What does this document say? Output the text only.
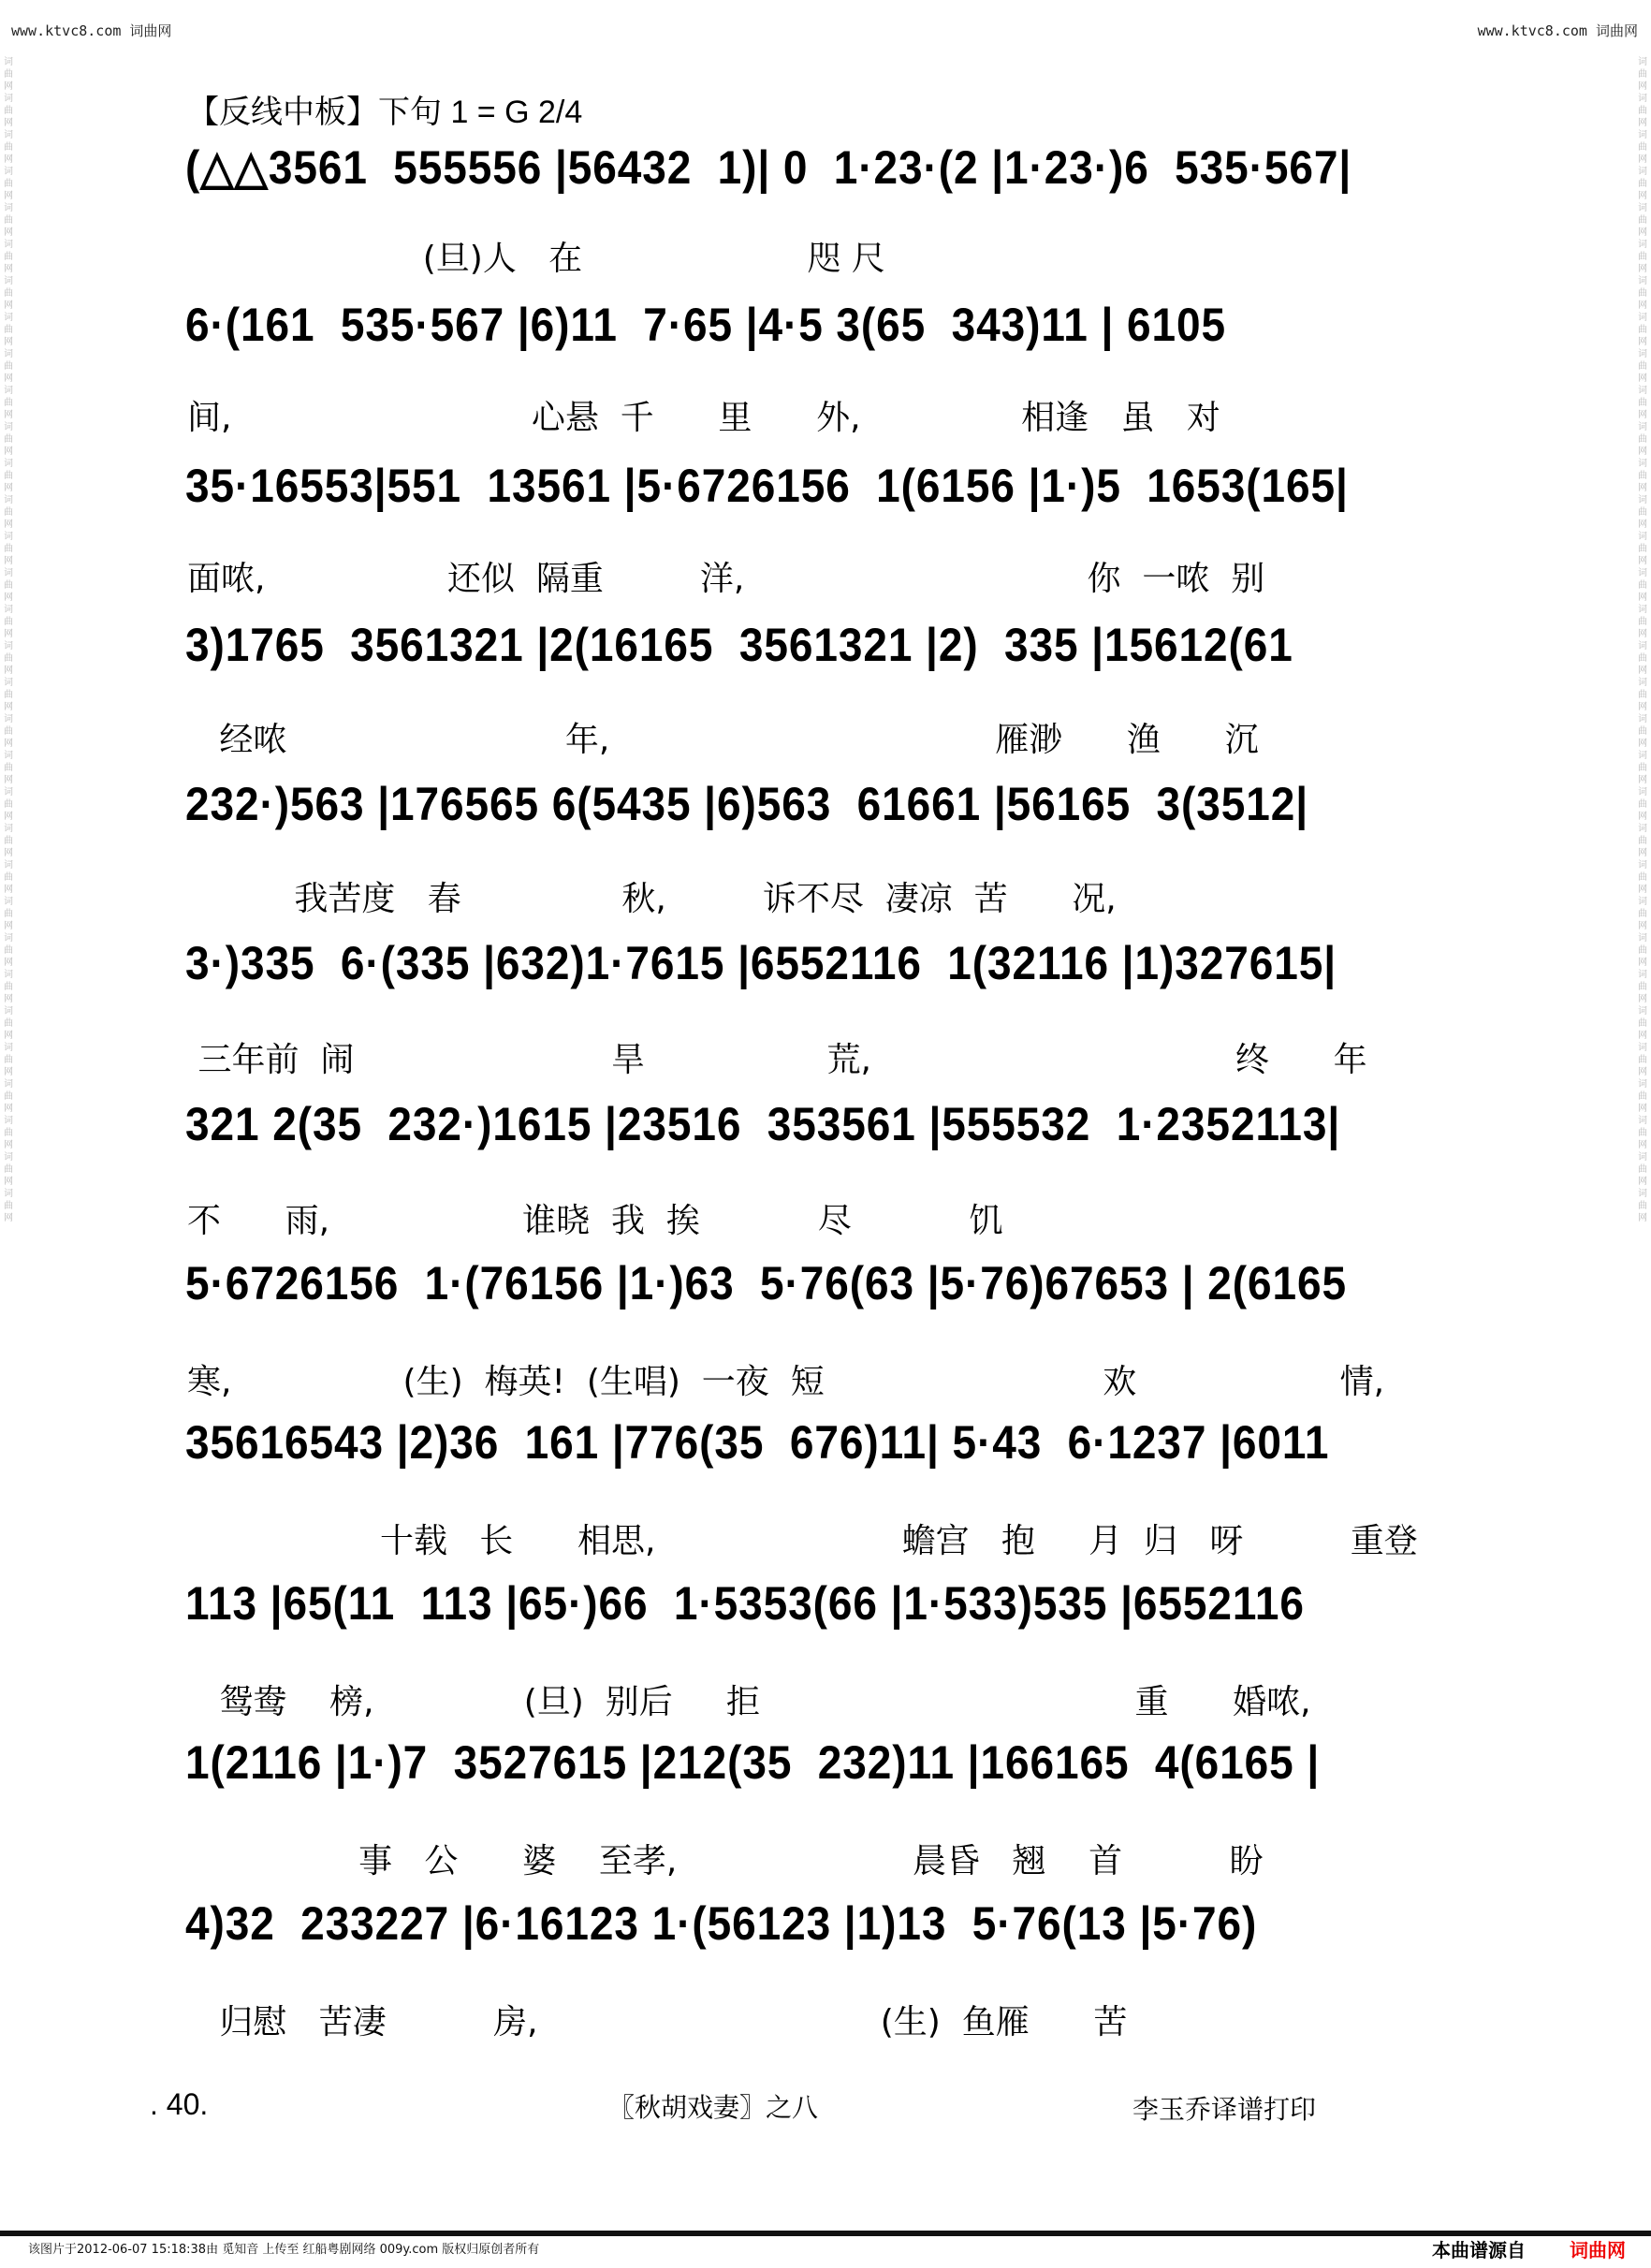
www.ktvc8.com 词曲网	www.ktvc8.com 词曲网
词曲网词曲网词曲网词曲网词曲网词曲网词曲网词曲网词曲网词曲网词曲网词曲网词曲网词曲网词曲网词曲网词曲网词曲网词曲网词曲网词曲网词曲网词曲网词曲网词曲网词曲网词曲网词曲网词曲网词曲网词曲网词曲网
词曲网词曲网词曲网词曲网词曲网词曲网词曲网词曲网词曲网词曲网词曲网词曲网词曲网词曲网词曲网词曲网词曲网词曲网词曲网词曲网词曲网词曲网词曲网词曲网词曲网词曲网词曲网词曲网词曲网词曲网词曲网词曲网
【反线中板】下句 1 = G 2/4
(△△3561  555556 |56432  1)| 0  1·23·(2 |1·23·)6  535·567|
6·(161  535·567 |6)11  7·65 |4·5 3(65  343)11 | 6105
(旦)人   在                     咫 尺
35·16553|551  13561 |5·6726156  1(6156 |1·)5  1653(165|
间,                            心悬  千      里      外,               相逢   虽   对
3)1765  3561321 |2(16165  3561321 |2)  335 |15612(61
面哝,                 还似  隔重         洋,                                你  一哝  别
232·)563 |176565 6(5435 |6)563  61661 |56165  3(3512|
经哝                          年,                                    雁渺      渔      沉
3·)335  6·(335 |632)1·7615 |6552116  1(32116 |1)327615|
我苦度   春               秋,         诉不尽  凄凉  苦      况,
321 2(35  232·)1615 |23516  353561 |555532  1·2352113|
三年前  闹                        旱                 荒,                                  终      年
5·6726156  1·(76156 |1·)63  5·76(63 |5·76)67653 | 2(6165
不      雨,                  谁晓  我  挨           尽           饥
35616543 |2)36  161 |776(35  676)11| 5·43  6·1237 |6011
寒,                (生)  梅英!  (生唱)  一夜  短                          欢                   情,
113 |65(11  113 |65·)66  1·5353(66 |1·533)535 |6552116
十载   长      相思,                       蟾宫   抱     月  归   呀          重登
1(2116 |1·)7  3527615 |212(35  232)11 |166165  4(6165 |
鸳鸯    榜,              (旦)  别后     拒                                   重      婚哝,
4)32  233227 |6·16123 1·(56123 |1)13  5·76(13 |5·76)
事   公      婆    至孝,                      晨昏   翘    首          盼
归慰   苦凄          房,                                (生)  鱼雁      苦
. 40.	〖秋胡戏妻〗之八	李玉乔译谱打印
该图片于2012-06-07 15:18:38由 觅知音 上传至 红船粤剧网络 009y.com 版权归原创者所有	本曲谱源自 词曲网
